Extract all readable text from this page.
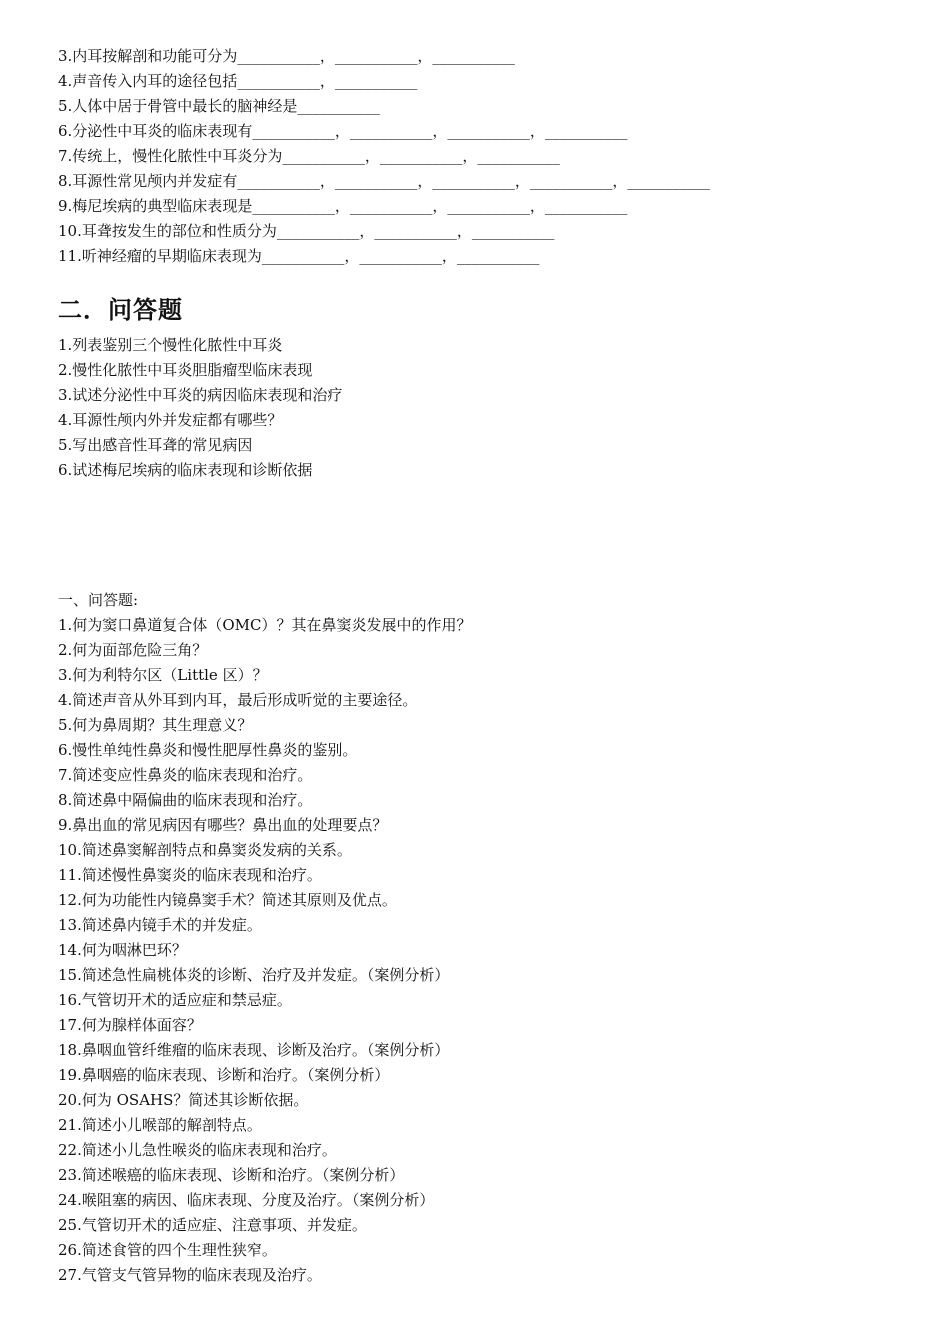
3.内耳按解剖和功能可分为___________，___________，___________
4.声音传入内耳的途径包括___________，___________
5.人体中居于骨管中最长的脑神经是___________
6.分泌性中耳炎的临床表现有___________，___________，___________，___________
7.传统上，慢性化脓性中耳炎分为___________，___________，___________
8.耳源性常见颅内并发症有___________，___________，___________，___________，___________
9.梅尼埃病的典型临床表现是___________，___________，___________，___________
10.耳聋按发生的部位和性质分为___________，___________，___________
11.听神经瘤的早期临床表现为___________，___________，___________
二．问答题
1.列表鉴别三个慢性化脓性中耳炎
2.慢性化脓性中耳炎胆脂瘤型临床表现
3.试述分泌性中耳炎的病因临床表现和治疗
4.耳源性颅内外并发症都有哪些？
5.写出感音性耳聋的常见病因
6.试述梅尼埃病的临床表现和诊断依据
一、问答题:
1.何为窦口鼻道复合体（OMC）？其在鼻窦炎发展中的作用？
2.何为面部危险三角？
3.何为利特尔区（Little 区）？
4.简述声音从外耳到内耳，最后形成听觉的主要途径。
5.何为鼻周期？其生理意义？
6.慢性单纯性鼻炎和慢性肥厚性鼻炎的鉴别。
7.简述变应性鼻炎的临床表现和治疗。
8.简述鼻中隔偏曲的临床表现和治疗。
9.鼻出血的常见病因有哪些？鼻出血的处理要点？
10.简述鼻窦解剖特点和鼻窦炎发病的关系。
11.简述慢性鼻窦炎的临床表现和治疗。
12.何为功能性内镜鼻窦手术？简述其原则及优点。
13.简述鼻内镜手术的并发症。
14.何为咽淋巴环？
15.简述急性扁桃体炎的诊断、治疗及并发症。（案例分析）
16.气管切开术的适应症和禁忌症。
17.何为腺样体面容？
18.鼻咽血管纤维瘤的临床表现、诊断及治疗。（案例分析）
19.鼻咽癌的临床表现、诊断和治疗。（案例分析）
20.何为 OSAHS？简述其诊断依据。
21.简述小儿喉部的解剖特点。
22.简述小儿急性喉炎的临床表现和治疗。
23.简述喉癌的临床表现、诊断和治疗。（案例分析）
24.喉阻塞的病因、临床表现、分度及治疗。（案例分析）
25.气管切开术的适应症、注意事项、并发症。
26.简述食管的四个生理性狭窄。
27.气管支气管异物的临床表现及治疗。
